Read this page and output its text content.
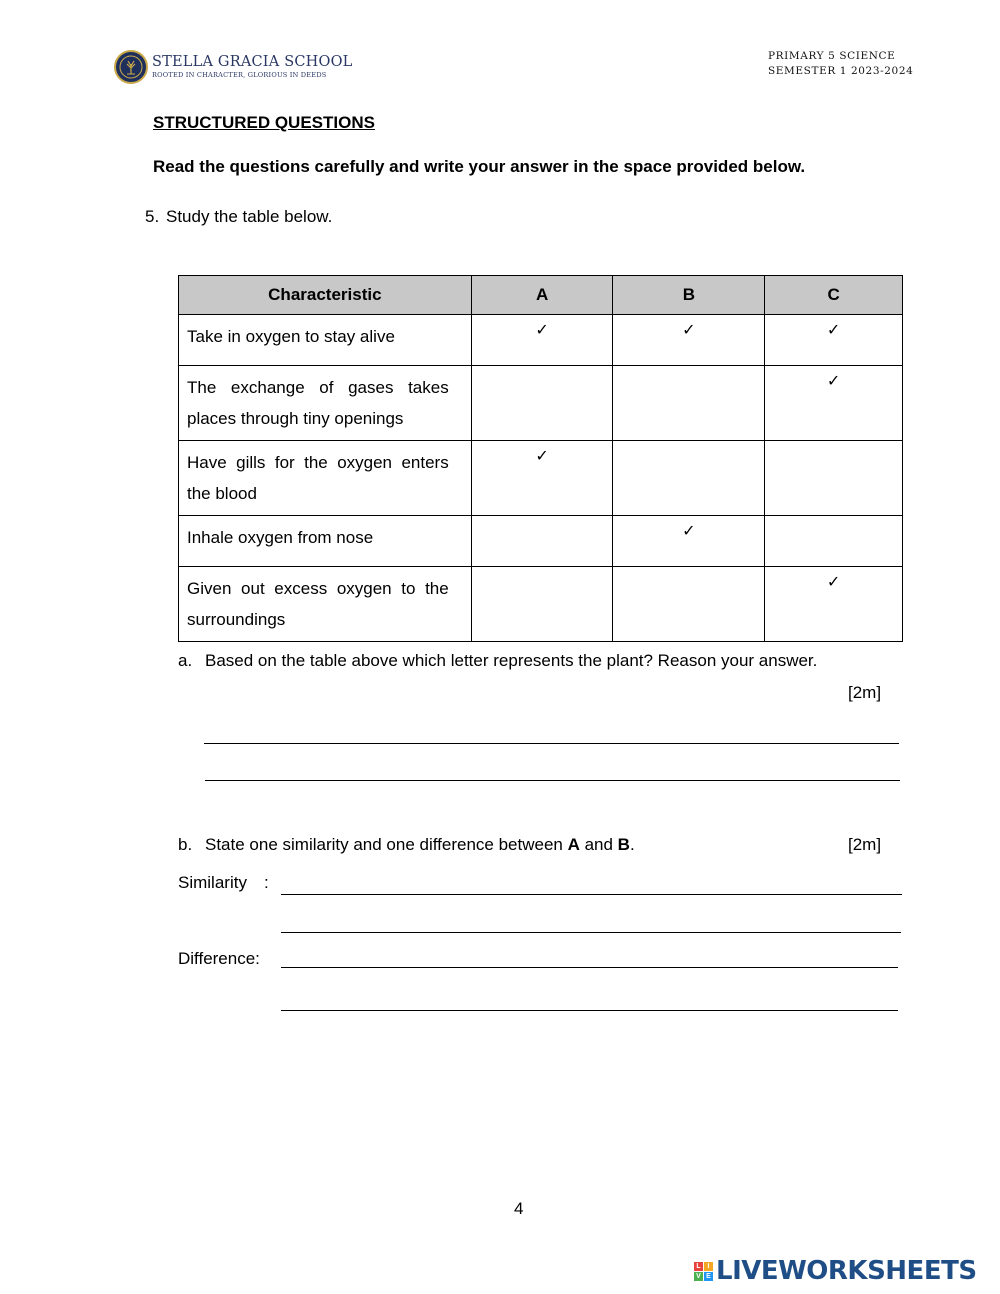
STELLA GRACIA SCHOOL
ROOTED IN CHARACTER, GLORIOUS IN DEEDS
PRIMARY 5 SCIENCE
SEMESTER 1 2023-2024
STRUCTURED QUESTIONS
Read the questions carefully and write your answer in the space provided below.
5. Study the table below.
Characteristic	A	B	C
Take in oxygen to stay alive	✓	✓	✓
The exchange of gases takes places through tiny openings			✓
Have gills for the oxygen enters the blood	✓		
Inhale oxygen from nose		✓	
Given out excess oxygen to the surroundings			✓
a. Based on the table above which letter represents the plant? Reason your answer.
[2m]
b. State one similarity and one difference between A and B.	[2m]
Similarity :
Difference:
4
L I
V E LIVEWORKSHEETS
